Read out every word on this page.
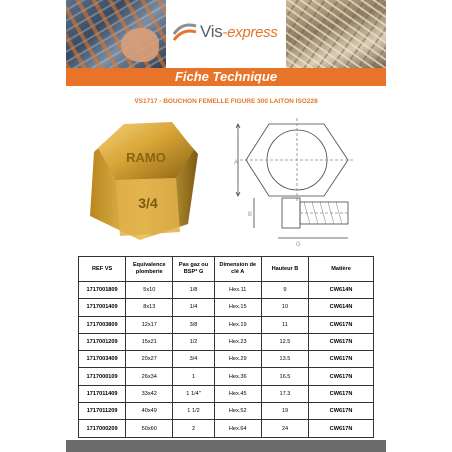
Vis-express
Fiche Technique
VS1717 - BOUCHON FEMELLE FIGURE 300 LAITON ISO228
RAMO
3/4
A
B
G
REF VS	Equivalence plomberie	Pas gaz ou BSP* G	Dimension de clé A	Hauteur B	Matière
1717001809	5x10	1/8	Hex.11	9	CW614N
1717001409	8x13	1/4	Hex.15	10	CW614N
1717003809	12x17	3/8	Hex.19	11	CW617N
1717001209	15x21	1/2	Hex.23	12.5	CW617N
1717003409	20x27	3/4	Hex.29	13.5	CW617N
1717000109	26x34	1	Hex.36	16.5	CW617N
1717011409	33x42	1 1/4"	Hex.45	17.3	CW617N
1717011209	40x49	1 1/2	Hex.52	19	CW617N
1717000209	50x60	2	Hex.64	24	CW617N
